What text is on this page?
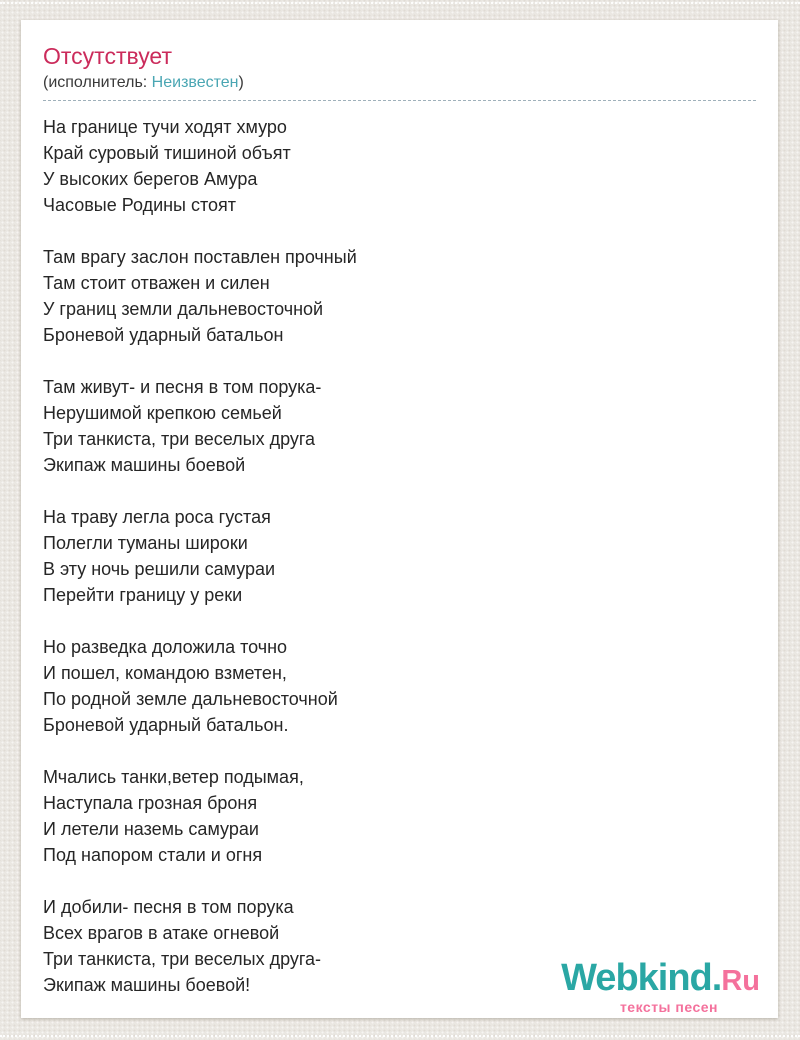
Отсутствует
(исполнитель: Неизвестен)

На границе тучи ходят хмуро
Край суровый тишиной объят
У высоких берегов Амура
Часовые Родины стоят

Там врагу заслон поставлен прочный
Там стоит отважен и силен
У границ земли дальневосточной
Броневой ударный батальон

Там живут- и песня в том порука-
Нерушимой крепкою семьей
Три танкиста, три веселых друга
Экипаж машины боевой

На траву легла роса густая
Полегли туманы широки
В эту ночь решили самураи
Перейти границу у реки

Но разведка доложила точно
И пошел, командою взметен,
По родной земле дальневосточной
Броневой ударный батальон.

Мчались танки,ветер подымая,
Наступала грозная броня
И летели наземь самураи
Под напором стали и огня

И добили- песня в том порука
Всех врагов в атаке огневой
Три танкиста, три веселых друга-
Экипаж машины боевой!	Webkind.Ru
тексты песен
